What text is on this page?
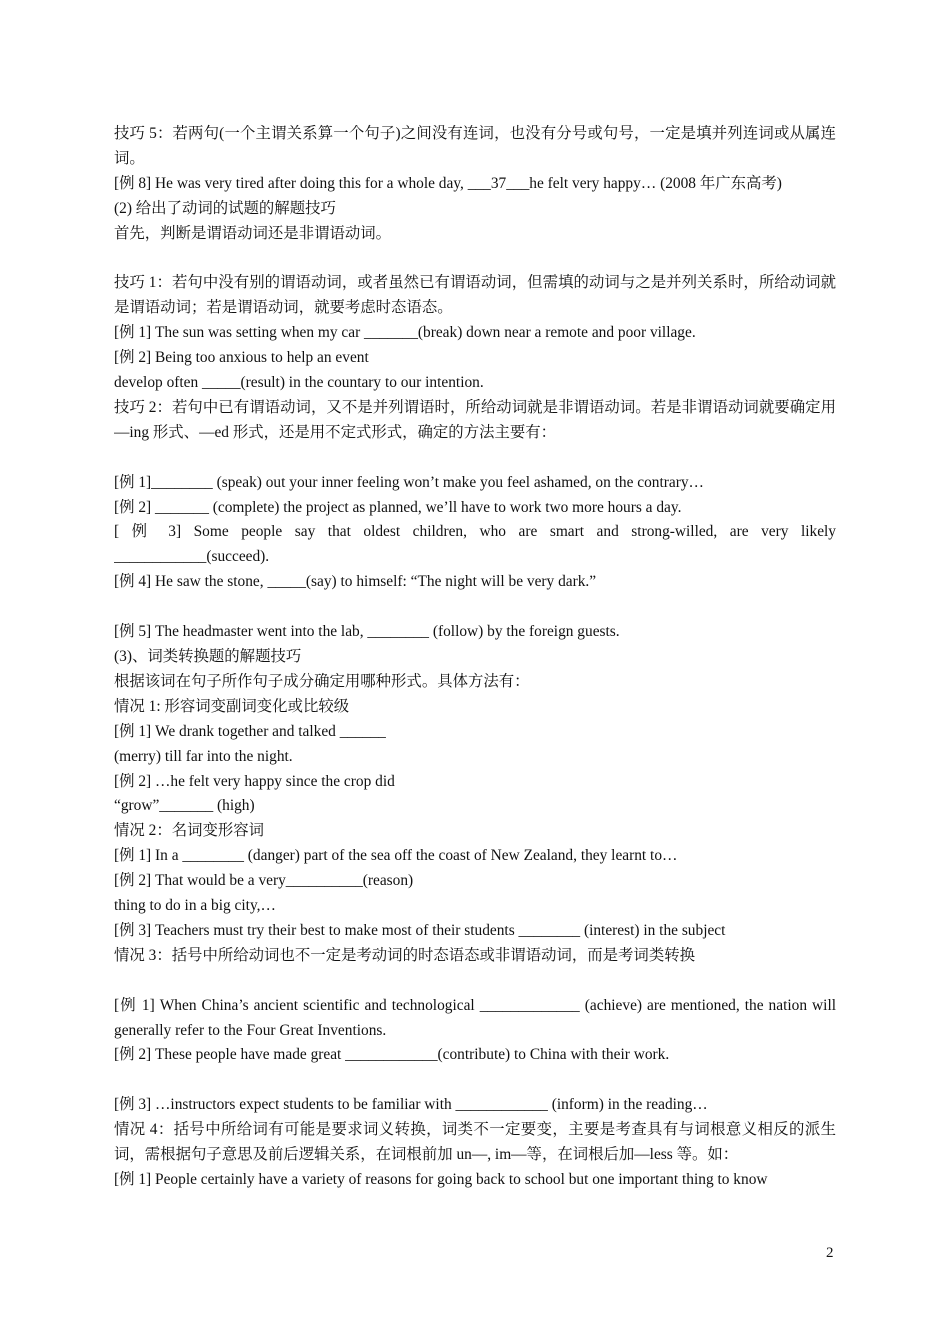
技巧 5：若两句(一个主谓关系算一个句子)之间没有连词，也没有分号或句号，一定是填并列连词或从属连词。

[例 8] He was very tired after doing this for a whole day, ___37___he felt very happy… (2008 年广东高考)

(2) 给出了动词的试题的解题技巧

首先，判断是谓语动词还是非谓语动词。

技巧 1：若句中没有别的谓语动词，或者虽然已有谓语动词，但需填的动词与之是并列关系时，所给动词就是谓语动词；若是谓语动词，就要考虑时态语态。

[例 1] The sun was setting when my car _______(break) down near a remote and poor village.

[例 2] Being too anxious to help an event

develop often _____(result) in the countary to our intention.

技巧 2：若句中已有谓语动词，又不是并列谓语时，所给动词就是非谓语动词。若是非谓语动词就要确定用—ing 形式、—ed 形式，还是用不定式形式，确定的方法主要有：

[例 1]________ (speak) out your inner feeling won’t make you feel ashamed, on the contrary…

[例 2] _______ (complete) the project as planned, we’ll have to work two more hours a day.

[ 例 3] Some people say that oldest children, who are smart and strong-willed, are very likely ____________(succeed).

[例 4] He saw the stone, _____(say) to himself: “The night will be very dark.”

[例 5] The headmaster went into the lab, ________ (follow) by the foreign guests.

(3)、词类转换题的解题技巧

根据该词在句子所作句子成分确定用哪种形式。具体方法有：

情况 1: 形容词变副词变化或比较级

[例 1] We drank together and talked ______

(merry) till far into the night.

[例 2] …he felt very happy since the crop did

“grow”_______ (high)

情况 2：名词变形容词

[例 1] In a ________ (danger) part of the sea off the coast of New Zealand, they learnt to…

[例 2] That would be a very__________(reason)

thing to do in a big city,…

[例 3] Teachers must try their best to make most of their students ________ (interest) in the subject

情况 3：括号中所给动词也不一定是考动词的时态语态或非谓语动词，而是考词类转换

[例 1] When China’s ancient scientific and technological _____________ (achieve) are mentioned, the nation will generally refer to the Four Great Inventions.

[例 2] These people have made great ____________(contribute) to China with their work.

[例 3] …instructors expect students to be familiar with ____________ (inform) in the reading…

情况 4：括号中所给词有可能是要求词义转换，词类不一定要变，主要是考查具有与词根意义相反的派生词，需根据句子意思及前后逻辑关系，在词根前加 un—, im—等，在词根后加—less 等。如：

[例 1] People certainly have a variety of reasons for going back to school but one important thing to know

2
